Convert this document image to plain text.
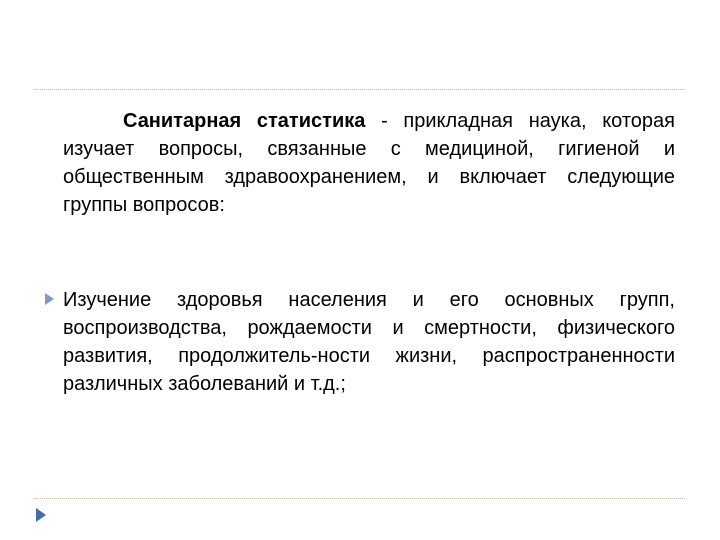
Санитарная статистика - прикладная наука, которая изучает вопросы, связанные с медициной, гигиеной и общественным здравоохранением, и включает следующие группы вопросов:

Изучение здоровья населения и его основных групп, воспроизводства, рождаемости и смертности, физического развития, продолжитель-ности жизни, распространенности различных заболеваний и т.д.;
